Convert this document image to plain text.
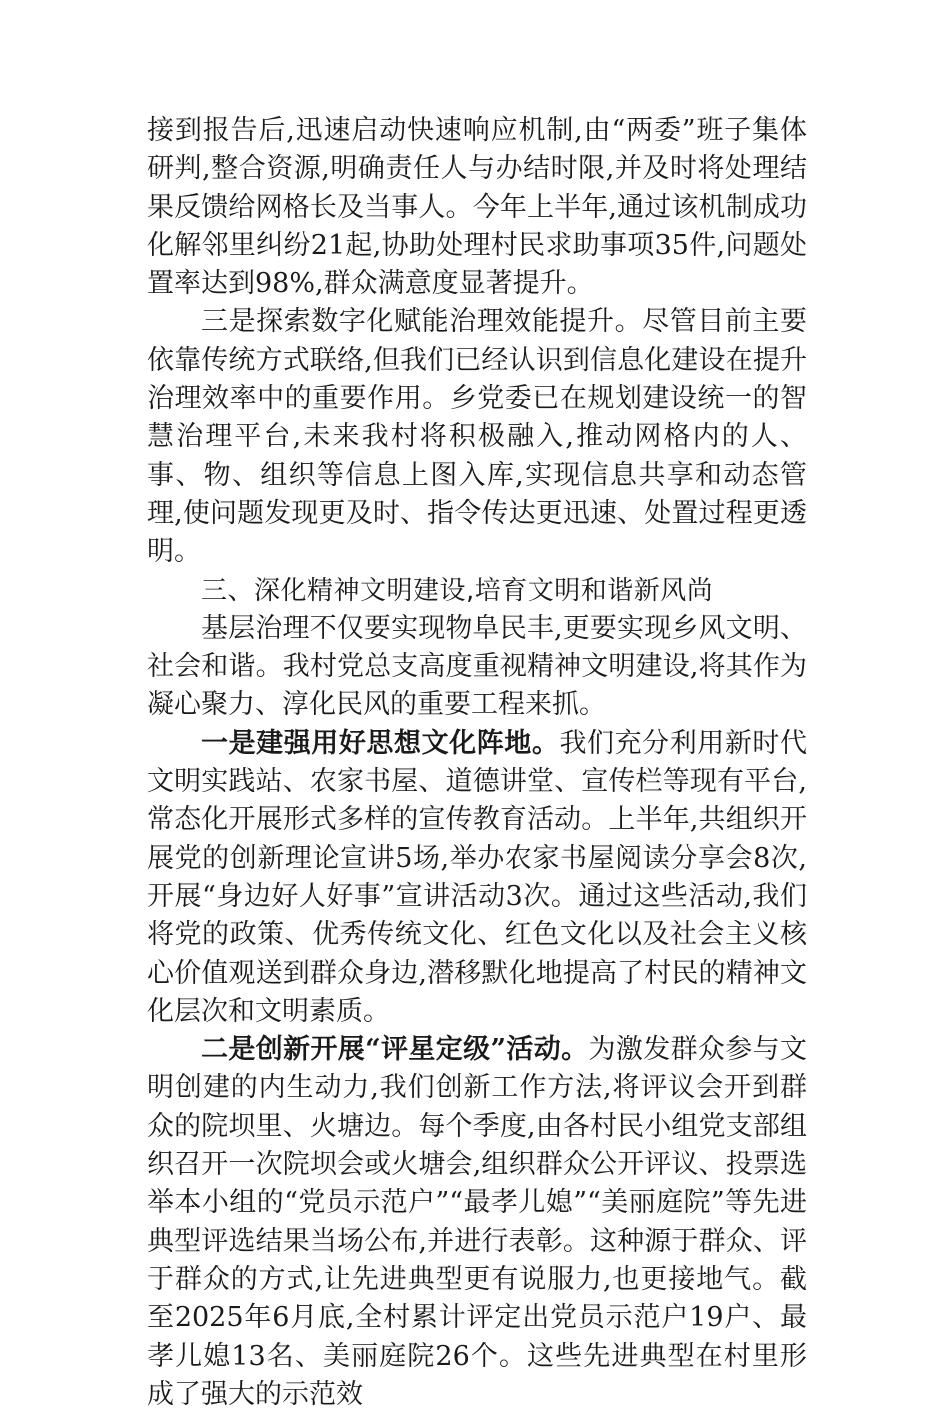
接到报告后,迅速启动快速响应机制,由“两委”班子集体研判,整合资源,明确责任人与办结时限,并及时将处理结果反馈给网格长及当事人。今年上半年,通过该机制成功化解邻里纠纷21起,协助处理村民求助事项35件,问题处置率达到98%,群众满意度显著提升。

三是探索数字化赋能治理效能提升。尽管目前主要依靠传统方式联络,但我们已经认识到信息化建设在提升治理效率中的重要作用。乡党委已在规划建设统一的智慧治理平台,未来我村将积极融入,推动网格内的人、事、物、组织等信息上图入库,实现信息共享和动态管理,使问题发现更及时、指令传达更迅速、处置过程更透明。

三、深化精神文明建设,培育文明和谐新风尚

基层治理不仅要实现物阜民丰,更要实现乡风文明、社会和谐。我村党总支高度重视精神文明建设,将其作为凝心聚力、淳化民风的重要工程来抓。

一是建强用好思想文化阵地。我们充分利用新时代文明实践站、农家书屋、道德讲堂、宣传栏等现有平台,常态化开展形式多样的宣传教育活动。上半年,共组织开展党的创新理论宣讲5场,举办农家书屋阅读分享会8次,开展“身边好人好事”宣讲活动3次。通过这些活动,我们将党的政策、优秀传统文化、红色文化以及社会主义核心价值观送到群众身边,潜移默化地提高了村民的精神文化层次和文明素质。

二是创新开展“评星定级”活动。为激发群众参与文明创建的内生动力,我们创新工作方法,将评议会开到群众的院坝里、火塘边。每个季度,由各村民小组党支部组织召开一次院坝会或火塘会,组织群众公开评议、投票选举本小组的“党员示范户”“最孝儿媳”“美丽庭院”等先进典型评选结果当场公布,并进行表彰。这种源于群众、评于群众的方式,让先进典型更有说服力,也更接地气。截至2025年6月底,全村累计评定出党员示范户19户、最孝儿媳13名、美丽庭院26个。这些先进典型在村里形成了强大的示范效
